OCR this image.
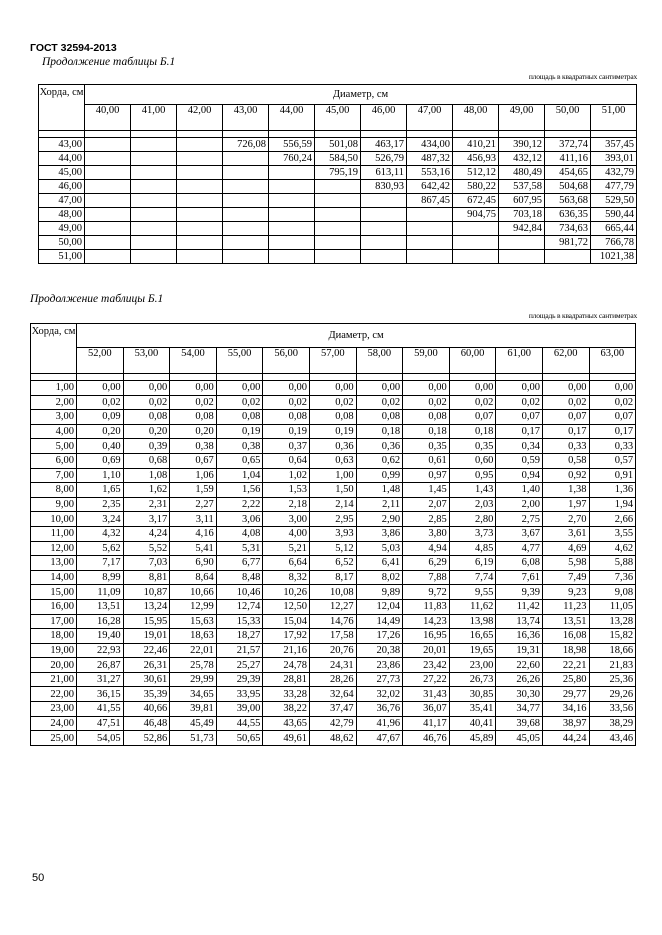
ГОСТ 32594-2013
Продолжение таблицы Б.1
площадь в квадратных сантиметрах
Хорда, см	Диаметр, см											
	40,00	41,00	42,00	43,00	44,00	45,00	46,00	47,00	48,00	49,00	50,00	51,00

43,00				726,08	556,59	501,08	463,17	434,00	410,21	390,12	372,74	357,45
44,00					760,24	584,50	526,79	487,32	456,93	432,12	411,16	393,01
45,00						795,19	613,11	553,16	512,12	480,49	454,65	432,79
46,00							830,93	642,42	580,22	537,58	504,68	477,79
47,00								867,45	672,45	607,95	563,68	529,50
48,00									904,75	703,18	636,35	590,44
49,00										942,84	734,63	665,44
50,00											981,72	766,78
51,00												1021,38
Продолжение таблицы Б.1
площадь в квадратных сантиметрах
Хорда, см	Диаметр, см											
	52,00	53,00	54,00	55,00	56,00	57,00	58,00	59,00	60,00	61,00	62,00	63,00

1,00	0,00	0,00	0,00	0,00	0,00	0,00	0,00	0,00	0,00	0,00	0,00	0,00
2,00	0,02	0,02	0,02	0,02	0,02	0,02	0,02	0,02	0,02	0,02	0,02	0,02
3,00	0,09	0,08	0,08	0,08	0,08	0,08	0,08	0,08	0,07	0,07	0,07	0,07
4,00	0,20	0,20	0,20	0,19	0,19	0,19	0,18	0,18	0,18	0,17	0,17	0,17
5,00	0,40	0,39	0,38	0,38	0,37	0,36	0,36	0,35	0,35	0,34	0,33	0,33
6,00	0,69	0,68	0,67	0,65	0,64	0,63	0,62	0,61	0,60	0,59	0,58	0,57
7,00	1,10	1,08	1,06	1,04	1,02	1,00	0,99	0,97	0,95	0,94	0,92	0,91
8,00	1,65	1,62	1,59	1,56	1,53	1,50	1,48	1,45	1,43	1,40	1,38	1,36
9,00	2,35	2,31	2,27	2,22	2,18	2,14	2,11	2,07	2,03	2,00	1,97	1,94
10,00	3,24	3,17	3,11	3,06	3,00	2,95	2,90	2,85	2,80	2,75	2,70	2,66
11,00	4,32	4,24	4,16	4,08	4,00	3,93	3,86	3,80	3,73	3,67	3,61	3,55
12,00	5,62	5,52	5,41	5,31	5,21	5,12	5,03	4,94	4,85	4,77	4,69	4,62
13,00	7,17	7,03	6,90	6,77	6,64	6,52	6,41	6,29	6,19	6,08	5,98	5,88
14,00	8,99	8,81	8,64	8,48	8,32	8,17	8,02	7,88	7,74	7,61	7,49	7,36
15,00	11,09	10,87	10,66	10,46	10,26	10,08	9,89	9,72	9,55	9,39	9,23	9,08
16,00	13,51	13,24	12,99	12,74	12,50	12,27	12,04	11,83	11,62	11,42	11,23	11,05
17,00	16,28	15,95	15,63	15,33	15,04	14,76	14,49	14,23	13,98	13,74	13,51	13,28
18,00	19,40	19,01	18,63	18,27	17,92	17,58	17,26	16,95	16,65	16,36	16,08	15,82
19,00	22,93	22,46	22,01	21,57	21,16	20,76	20,38	20,01	19,65	19,31	18,98	18,66
20,00	26,87	26,31	25,78	25,27	24,78	24,31	23,86	23,42	23,00	22,60	22,21	21,83
21,00	31,27	30,61	29,99	29,39	28,81	28,26	27,73	27,22	26,73	26,26	25,80	25,36
22,00	36,15	35,39	34,65	33,95	33,28	32,64	32,02	31,43	30,85	30,30	29,77	29,26
23,00	41,55	40,66	39,81	39,00	38,22	37,47	36,76	36,07	35,41	34,77	34,16	33,56
24,00	47,51	46,48	45,49	44,55	43,65	42,79	41,96	41,17	40,41	39,68	38,97	38,29
25,00	54,05	52,86	51,73	50,65	49,61	48,62	47,67	46,76	45,89	45,05	44,24	43,46
50
